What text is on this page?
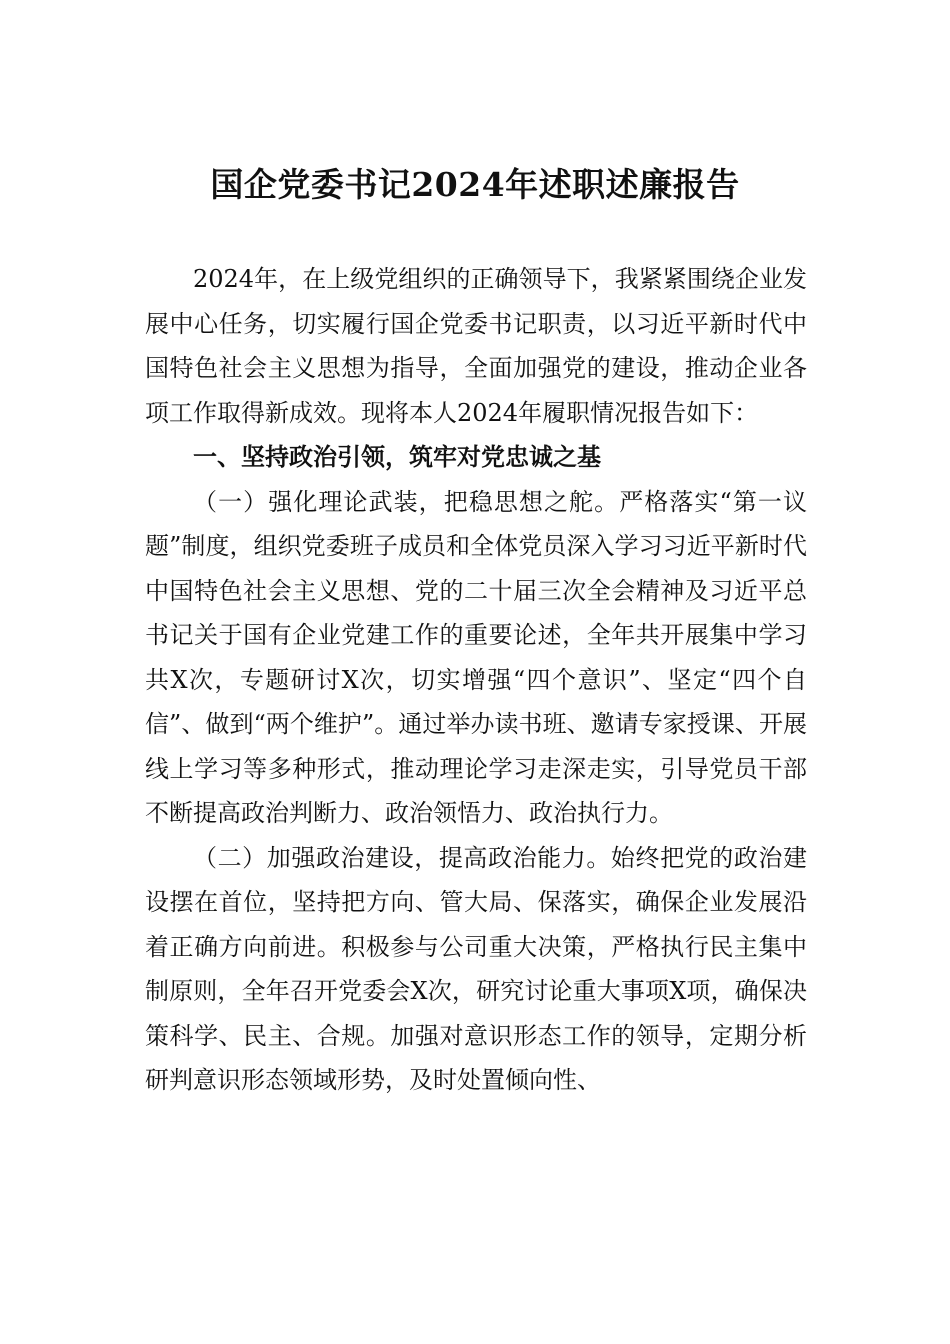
国企党委书记2024年述职述廉报告

2024年，在上级党组织的正确领导下，我紧紧围绕企业发展中心任务，切实履行国企党委书记职责，以习近平新时代中国特色社会主义思想为指导，全面加强党的建设，推动企业各项工作取得新成效。现将本人2024年履职情况报告如下：

一、坚持政治引领，筑牢对党忠诚之基

（一）强化理论武装，把稳思想之舵。严格落实“第一议题”制度，组织党委班子成员和全体党员深入学习习近平新时代中国特色社会主义思想、党的二十届三次全会精神及习近平总书记关于国有企业党建工作的重要论述，全年共开展集中学习共X次，专题研讨X次，切实增强“四个意识”、坚定“四个自信”、做到“两个维护”。通过举办读书班、邀请专家授课、开展线上学习等多种形式，推动理论学习走深走实，引导党员干部不断提高政治判断力、政治领悟力、政治执行力。

（二）加强政治建设，提高政治能力。始终把党的政治建设摆在首位，坚持把方向、管大局、保落实，确保企业发展沿着正确方向前进。积极参与公司重大决策，严格执行民主集中制原则，全年召开党委会X次，研究讨论重大事项X项，确保决策科学、民主、合规。加强对意识形态工作的领导，定期分析研判意识形态领域形势，及时处置倾向性、
